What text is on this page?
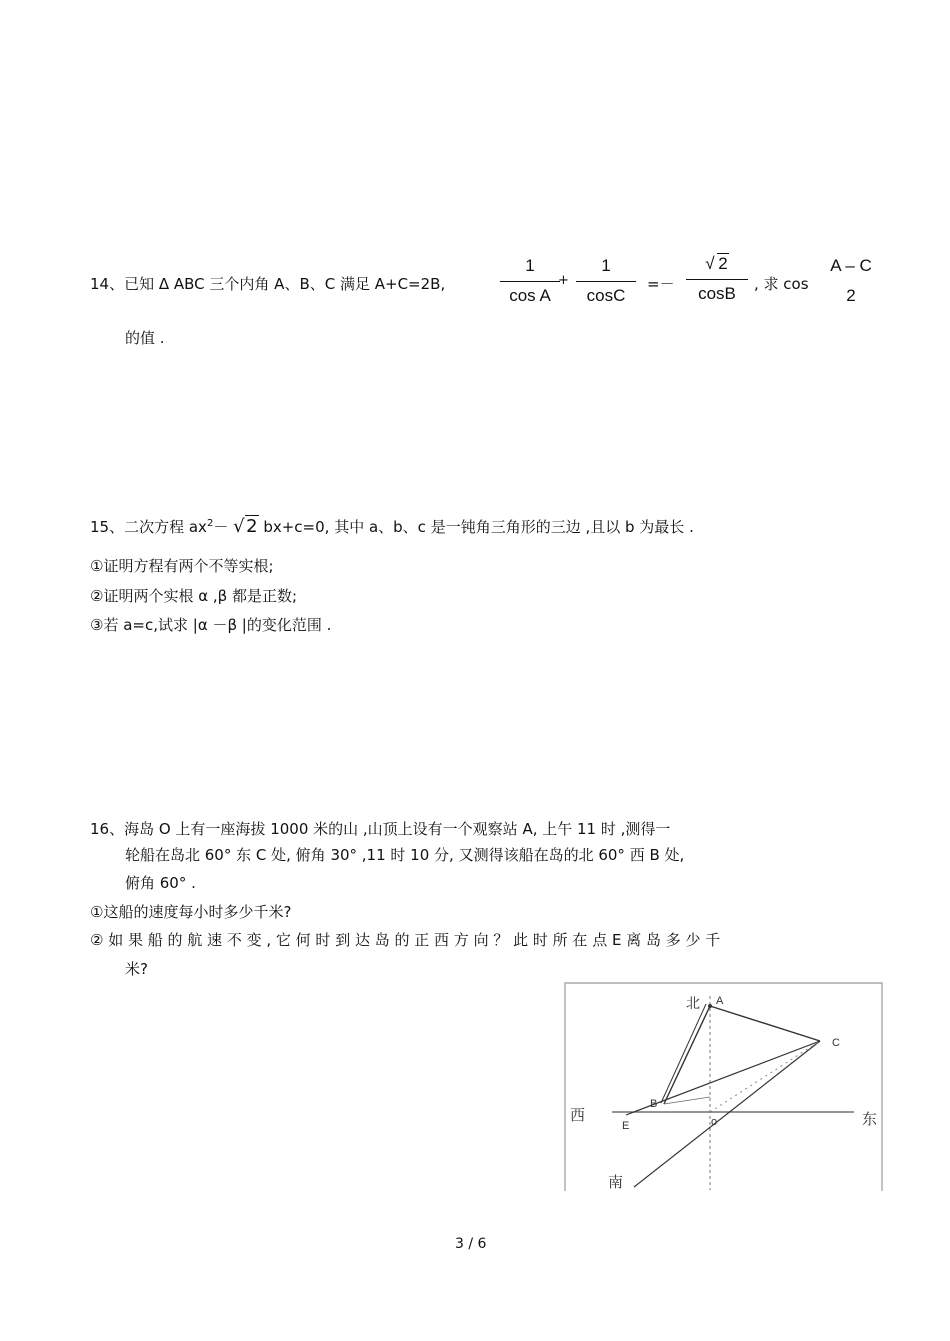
14、已知 Δ ABC 三个内角 A、B、C 满足 A+C=2B,
1
cos A
+
1
cosC
=－
√ 2
cosB	, 求 cos
A – C
2
的值 .
15、二次方程 $ax^2-$ √ 2 bx+c=0, 其中 a、b、c 是一钝角三角形的三边 ,且以 b 为最长 .
①证明方程有两个不等实根;
②证明两个实根 α ,β 都是正数;
③若 a=c,试求 |α －β |的变化范围 .
16、海岛 O 上有一座海拔 1000 米的山 ,山顶上设有一个观察站 A, 上午 11 时 ,测得一
轮船在岛北 60° 东 C 处, 俯角 30° ,11 时 10 分, 又测得该船在岛的北 60° 西 B 处,
俯角 60° .
①这船的速度每小时多少千米?
② 如 果 船 的 航 速 不 变 , 它 何 时 到 达 岛 的 正 西 方 向 ？ 此 时 所 在 点 E 离 岛 多 少 千
米?
北 A
C
B
西	东
E	o
南
3 / 6
